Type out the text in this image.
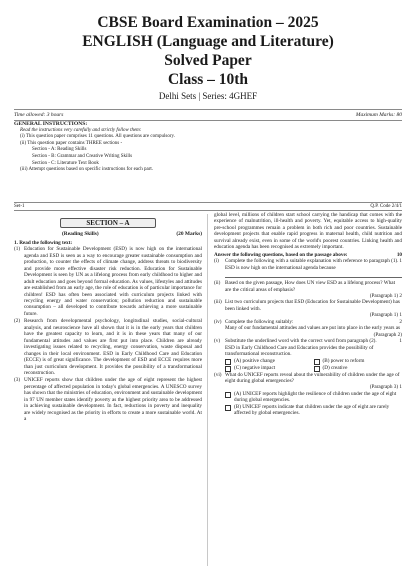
CBSE Board Examination – 2025
ENGLISH (Language and Literature)
Solved Paper
Class – 10th
Delhi Sets | Series: 4GHEF
Time allowed: 3 hours	Maximum Marks: 80
GENERAL INSTRUCTIONS:
Read the instructions very carefully and strictly follow them:
(i) This question paper comprises 11 questions. All questions are compulsory.
(ii) This question paper contains THREE sections -
Section - A: Reading Skills
Section - B: Grammar and Creative Writing Skills
Section - C: Literature Text Book
(iii) Attempt questions based on specific instructions for each part.
Set-1	Q.P. Code 2/4/1
SECTION – A
(Reading Skills)	(20 Marks)
1. Read the following text:
(1) Education for Sustainable Development (ESD) is now high on the international agenda and ESD is seen as a way to encourage greater sustainable consumption and production, to counter the effects of climate change, address threats to biodiversity and provide more effective disaster risk reduction. Education for Sustainable Development is seen by UN as a lifelong process from early childhood to higher and adult education and goes beyond formal education. As values, lifestyles and attitudes are established from an early age, the role of education is of particular importance for children! ESD has often been associated with curriculum projects linked with recycling energy and water conservation; pollution reduction and sustainable consumption – all developed to contribute towards achieving a more sustainable future.
(2) Research from developmental psychology, longitudinal studies, social-cultural analysis, and neuroscience have all shown that it is in the early years that children have the greatest capacity to learn, and it is in these years that many of our fundamental attitudes and values are first put into place. Children are already investigating issues related to recycling, energy conservation, waste disposal and changes in their local environment. ESD in Early Childhood Care and Education (ECCE) is of great significance. The development of ESD and ECCE requires more than just curriculum development. It provides the possibility of a transformational reconstruction.
(3) UNICEF reports show that children under the age of eight represent the highest percentage of affected population in today's global emergencies. A UNESCO survey has shown that the ministries of education, environment and sustainable development in 97 UN member states identify poverty as the highest priority area to be addressed in achieving sustainable development. In fact, reductions in poverty and inequality are widely recognised as the priority in efforts to create a more sustainable world. At a
global level, millions of children start school carrying the handicap that comes with the experience of malnutrition, ill-health and poverty. Yet, equitable access to high-quality pre-school programmes remain a problem in both rich and poor countries. Sustainable development projects that enable rapid progress in maternal health, child nutrition and survival already exist, even in some of the world's poorest countries. Linking health and education agenda has been recognised as extremely important.
Answer the following questions, based on the passage above:	10
(i)	Complete the following with a suitable explanation with reference to paragraph (1). 1
ESD is now high on the international agenda because
(ii) Based on the given passage, How does UN view ESD as a lifelong process? What are the critical areas of emphasis?
(Paragraph 1) 2
(iii) List two curriculum projects that ESD (Education for Sustainable Development) has been linked with.
(Paragraph 1) 1
(iv) Complete the following suitably:	2
Many of our fundamental attitudes and values are put into place in the early years as
(Paragraph 2)
(v) Substitute the underlined word with the correct word from paragraph (2).	1
ESD in Early Childhood Care and Education provides the possibility of transformational reconstruction.
(A) positive change	(B) power to reform
(C) negative impact	(D) creative
(vi) What do UNICEF reports reveal about the vulnerability of children under the age of eight during global emergencies?
(Paragraph 3) 1
(A) UNICEF reports highlight the resilience of children under the age of eight during global emergencies.
(B) UNICEF reports indicate that children under the age of eight are rarely affected by global emergencies.
